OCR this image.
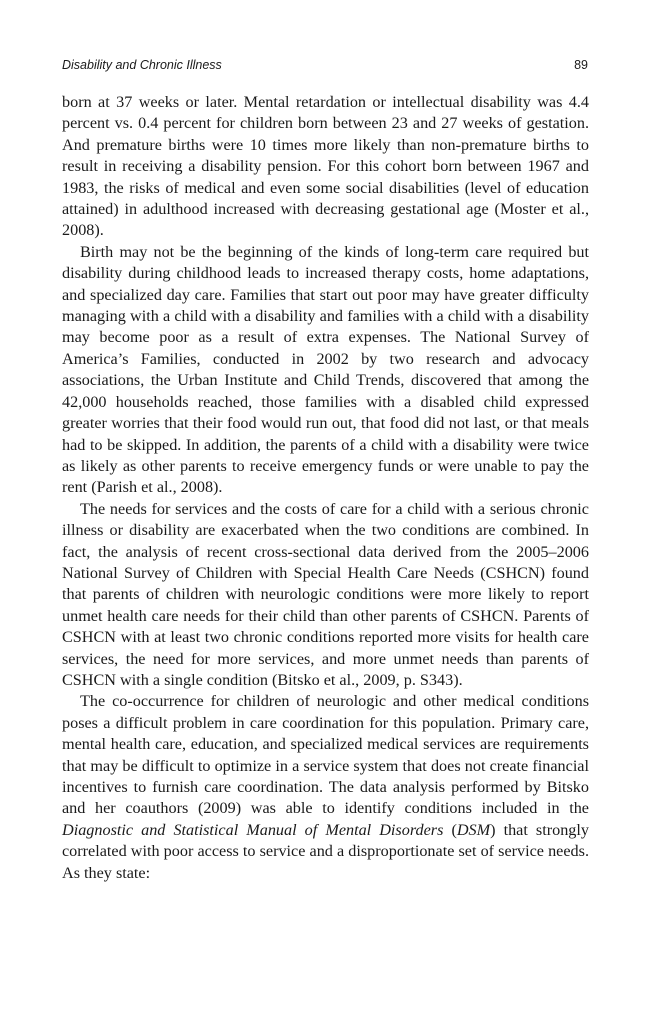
Disability and Chronic Illness	89

born at 37 weeks or later. Mental retardation or intellectual disability was 4.4 percent vs. 0.4 percent for children born between 23 and 27 weeks of gestation. And premature births were 10 times more likely than non-premature births to result in receiving a disability pension. For this cohort born between 1967 and 1983, the risks of medical and even some social disabilities (level of education attained) in adulthood increased with decreasing gestational age (Moster et al., 2008).

Birth may not be the beginning of the kinds of long-term care required but disability during childhood leads to increased therapy costs, home adaptations, and specialized day care. Families that start out poor may have greater difficulty managing with a child with a disability and families with a child with a disability may become poor as a result of extra expenses. The National Survey of America’s Families, conducted in 2002 by two research and advocacy associations, the Urban Institute and Child Trends, discovered that among the 42,000 households reached, those families with a disabled child expressed greater worries that their food would run out, that food did not last, or that meals had to be skipped. In addition, the parents of a child with a disability were twice as likely as other parents to receive emergency funds or were unable to pay the rent (Parish et al., 2008).

The needs for services and the costs of care for a child with a serious chronic illness or disability are exacerbated when the two conditions are combined. In fact, the analysis of recent cross-sectional data derived from the 2005–2006 National Survey of Children with Special Health Care Needs (CSHCN) found that parents of children with neurologic conditions were more likely to report unmet health care needs for their child than other parents of CSHCN. Parents of CSHCN with at least two chronic conditions reported more visits for health care services, the need for more services, and more unmet needs than parents of CSHCN with a single condition (Bitsko et al., 2009, p. S343).

The co-occurrence for children of neurologic and other medical conditions poses a difficult problem in care coordination for this population. Primary care, mental health care, education, and specialized medical services are requirements that may be difficult to optimize in a service system that does not create financial incentives to furnish care coordination. The data analysis performed by Bitsko and her coauthors (2009) was able to identify conditions included in the Diagnostic and Statistical Manual of Mental Disorders (DSM) that strongly correlated with poor access to service and a disproportionate set of service needs. As they state:
